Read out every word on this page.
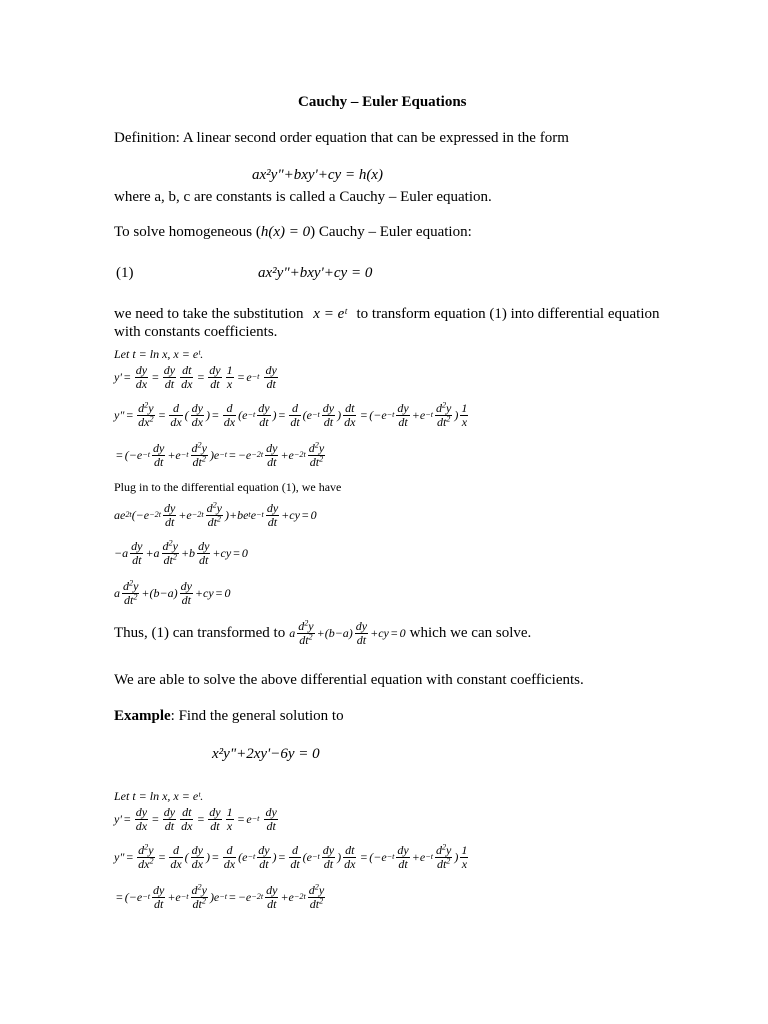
Cauchy – Euler Equations
Definition: A linear second order equation that can be expressed in the form
ax²y"+bxy'+cy = h(x)
where a, b, c are constants is called a Cauchy – Euler equation.
To solve homogeneous (h(x) = 0) Cauchy – Euler equation:
(1)	ax²y"+bxy'+cy = 0
we need to take the substitution x = eᵗ to transform equation (1) into differential equation
with constants coefficients.
Let t = ln x, x = eᵗ.
$y' = \frac{dy}{dx} = \frac{dy}{dt} \frac{dt}{dx} = \frac{dy}{dt} \frac{1}{x} = e -t$
$\frac{dy}{dt}$
y" = $\frac{d^2y}{dx^2} = \frac{d}{dx}$ ( $\frac{dy}{dx}$ ) = $\frac{d}{dx} (e -t \frac{dy}{dt}$ ) = $\frac{d}{dt} (e -t \frac{dy}{dt}$ ) $\frac{dt}{dx} = (-e -t \frac{dy}{dt} +e -t \frac{d^2y}{dt^2}$ ) $\frac{1}{x}$
= $(-e -t \frac{dy}{dt} +e -t \frac{d^2y}{dt^2} )e -t = -e -2t \frac{dy}{dt} +e -2t \frac{d^2y}{dt^2}$
Plug in to the differential equation (1), we have
ae 2t $(-e -2t \frac{dy}{dt} +e -2t \frac{d^2y}{dt^2} )+be$ t $e -t \frac{dy}{dt} +cy = 0$
$-a \frac{dy}{dt} +a \frac{d^2y}{dt^2} +b \frac{dy}{dt} +cy = 0$
a $\frac{d^2y}{dt^2} +(b-a) \frac{dy}{dt} +cy = 0$
Thus, (1) can transformed to a $\frac{d^2y}{dt^2} +(b-a) \frac{dy}{dt} +cy = 0$ which we can solve.
We are able to solve the above differential equation with constant coefficients.
Example: Find the general solution to
x²y"+2xy'−6y = 0
Let t = ln x, x = eᵗ.
$y' = \frac{dy}{dx} = \frac{dy}{dt} \frac{dt}{dx} = \frac{dy}{dt} \frac{1}{x} = e -t$
$\frac{dy}{dt}$
y" = $\frac{d^2y}{dx^2} = \frac{d}{dx}$ ( $\frac{dy}{dx}$ ) = $\frac{d}{dx} (e -t \frac{dy}{dt}$ ) = $\frac{d}{dt} (e -t \frac{dy}{dt}$ ) $\frac{dt}{dx} = (-e -t \frac{dy}{dt} +e -t \frac{d^2y}{dt^2}$ ) $\frac{1}{x}$
= $(-e -t \frac{dy}{dt} +e -t \frac{d^2y}{dt^2} )e -t = -e -2t \frac{dy}{dt} +e -2t \frac{d^2y}{dt^2}$
